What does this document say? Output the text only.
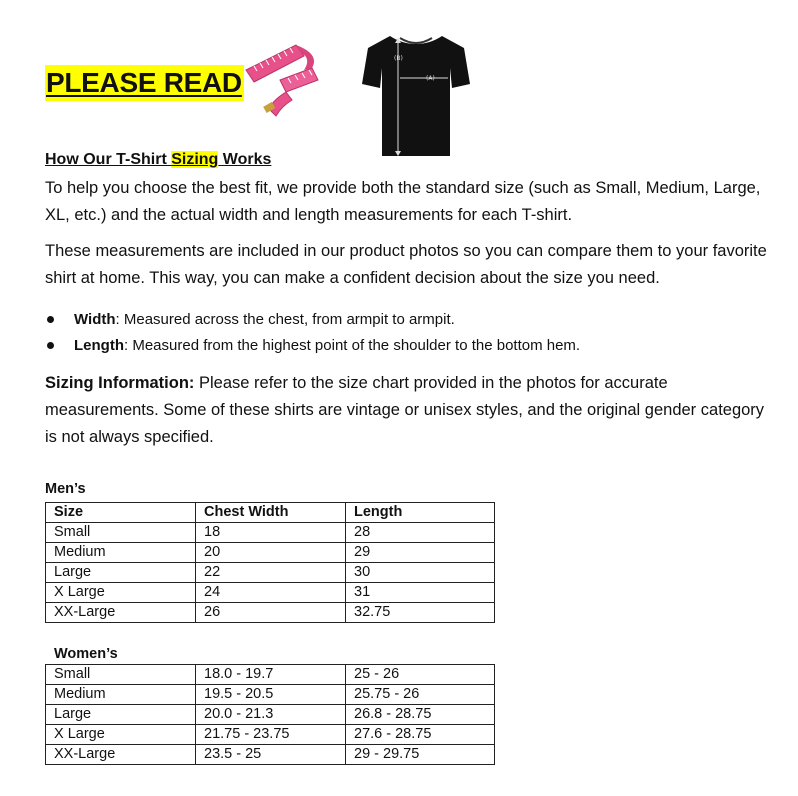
PLEASE READ
(B)
(A)
How Our T-Shirt Sizing Works
To help you choose the best fit, we provide both the standard size (such as Small, Medium, Large, XL, etc.) and the actual width and length measurements for each T-shirt.
These measurements are included in our product photos so you can compare them to your favorite shirt at home. This way, you can make a confident decision about the size you need.
Width: Measured across the chest, from armpit to armpit.
Length: Measured from the highest point of the shoulder to the bottom hem.
Sizing Information: Please refer to the size chart provided in the photos for accurate measurements. Some of these shirts are vintage or unisex styles, and the original gender category is not always specified.
Men’s
Size	Chest Width	Length
Small	18	28
Medium	20	29
Large	22	30
X Large	24	31
XX-Large	26	32.75
Women’s
Small	18.0 - 19.7	25 - 26
Medium	19.5 - 20.5	25.75 - 26
Large	20.0 - 21.3	26.8 - 28.75
X Large	21.75 - 23.75	27.6 - 28.75
XX-Large	23.5 - 25	29 - 29.75
